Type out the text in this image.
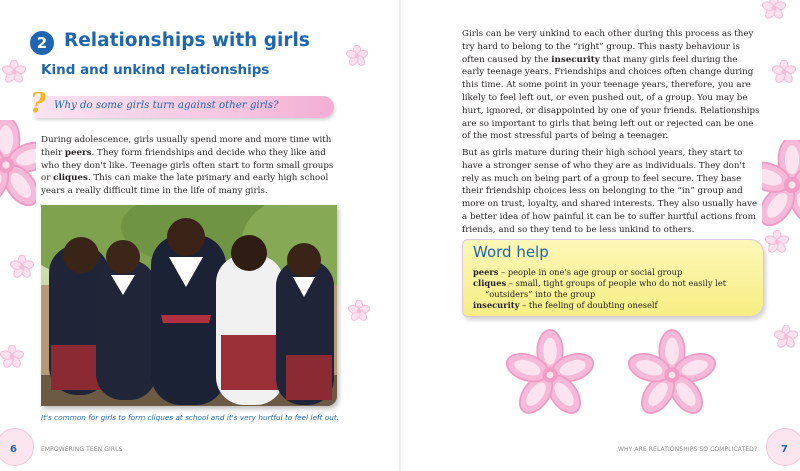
2 Relationships with girls
Kind and unkind relationships
? Why do some girls turn against other girls?

During adolescence, girls usually spend more and more time with their peers. They form friendships and decide who they like and who they don't like. Teenage girls often start to form small groups or cliques. This can make the late primary and early high school years a really difficult time in the life of many girls.

It's common for girls to form cliques at school and it's very hurtful to feel left out.
6	EMPOWERING TEEN GIRLS

Girls can be very unkind to each other during this process as they try hard to belong to the “right” group. This nasty behaviour is often caused by the insecurity that many girls feel during the early teenage years. Friendships and choices often change during this time. At some point in your teenage years, therefore, you are likely to feel left out, or even pushed out, of a group. You may be hurt, ignored, or disappointed by one of your friends. Relationships are so important to girls that being left out or rejected can be one of the most stressful parts of being a teenager.

But as girls mature during their high school years, they start to have a stronger sense of who they are as individuals. They don't rely as much on being part of a group to feel secure. They base their friendship choices less on belonging to the “in” group and more on trust, loyalty, and shared interests. They also usually have a better idea of how painful it can be to suffer hurtful actions from friends, and so they tend to be less unkind to others.

Word help
peers – people in one's age group or social group
cliques – small, tight groups of people who do not easily let
“outsiders” into the group
insecurity – the feeling of doubting oneself
7
WHY ARE RELATIONSHIPS SO COMPLICATED?
